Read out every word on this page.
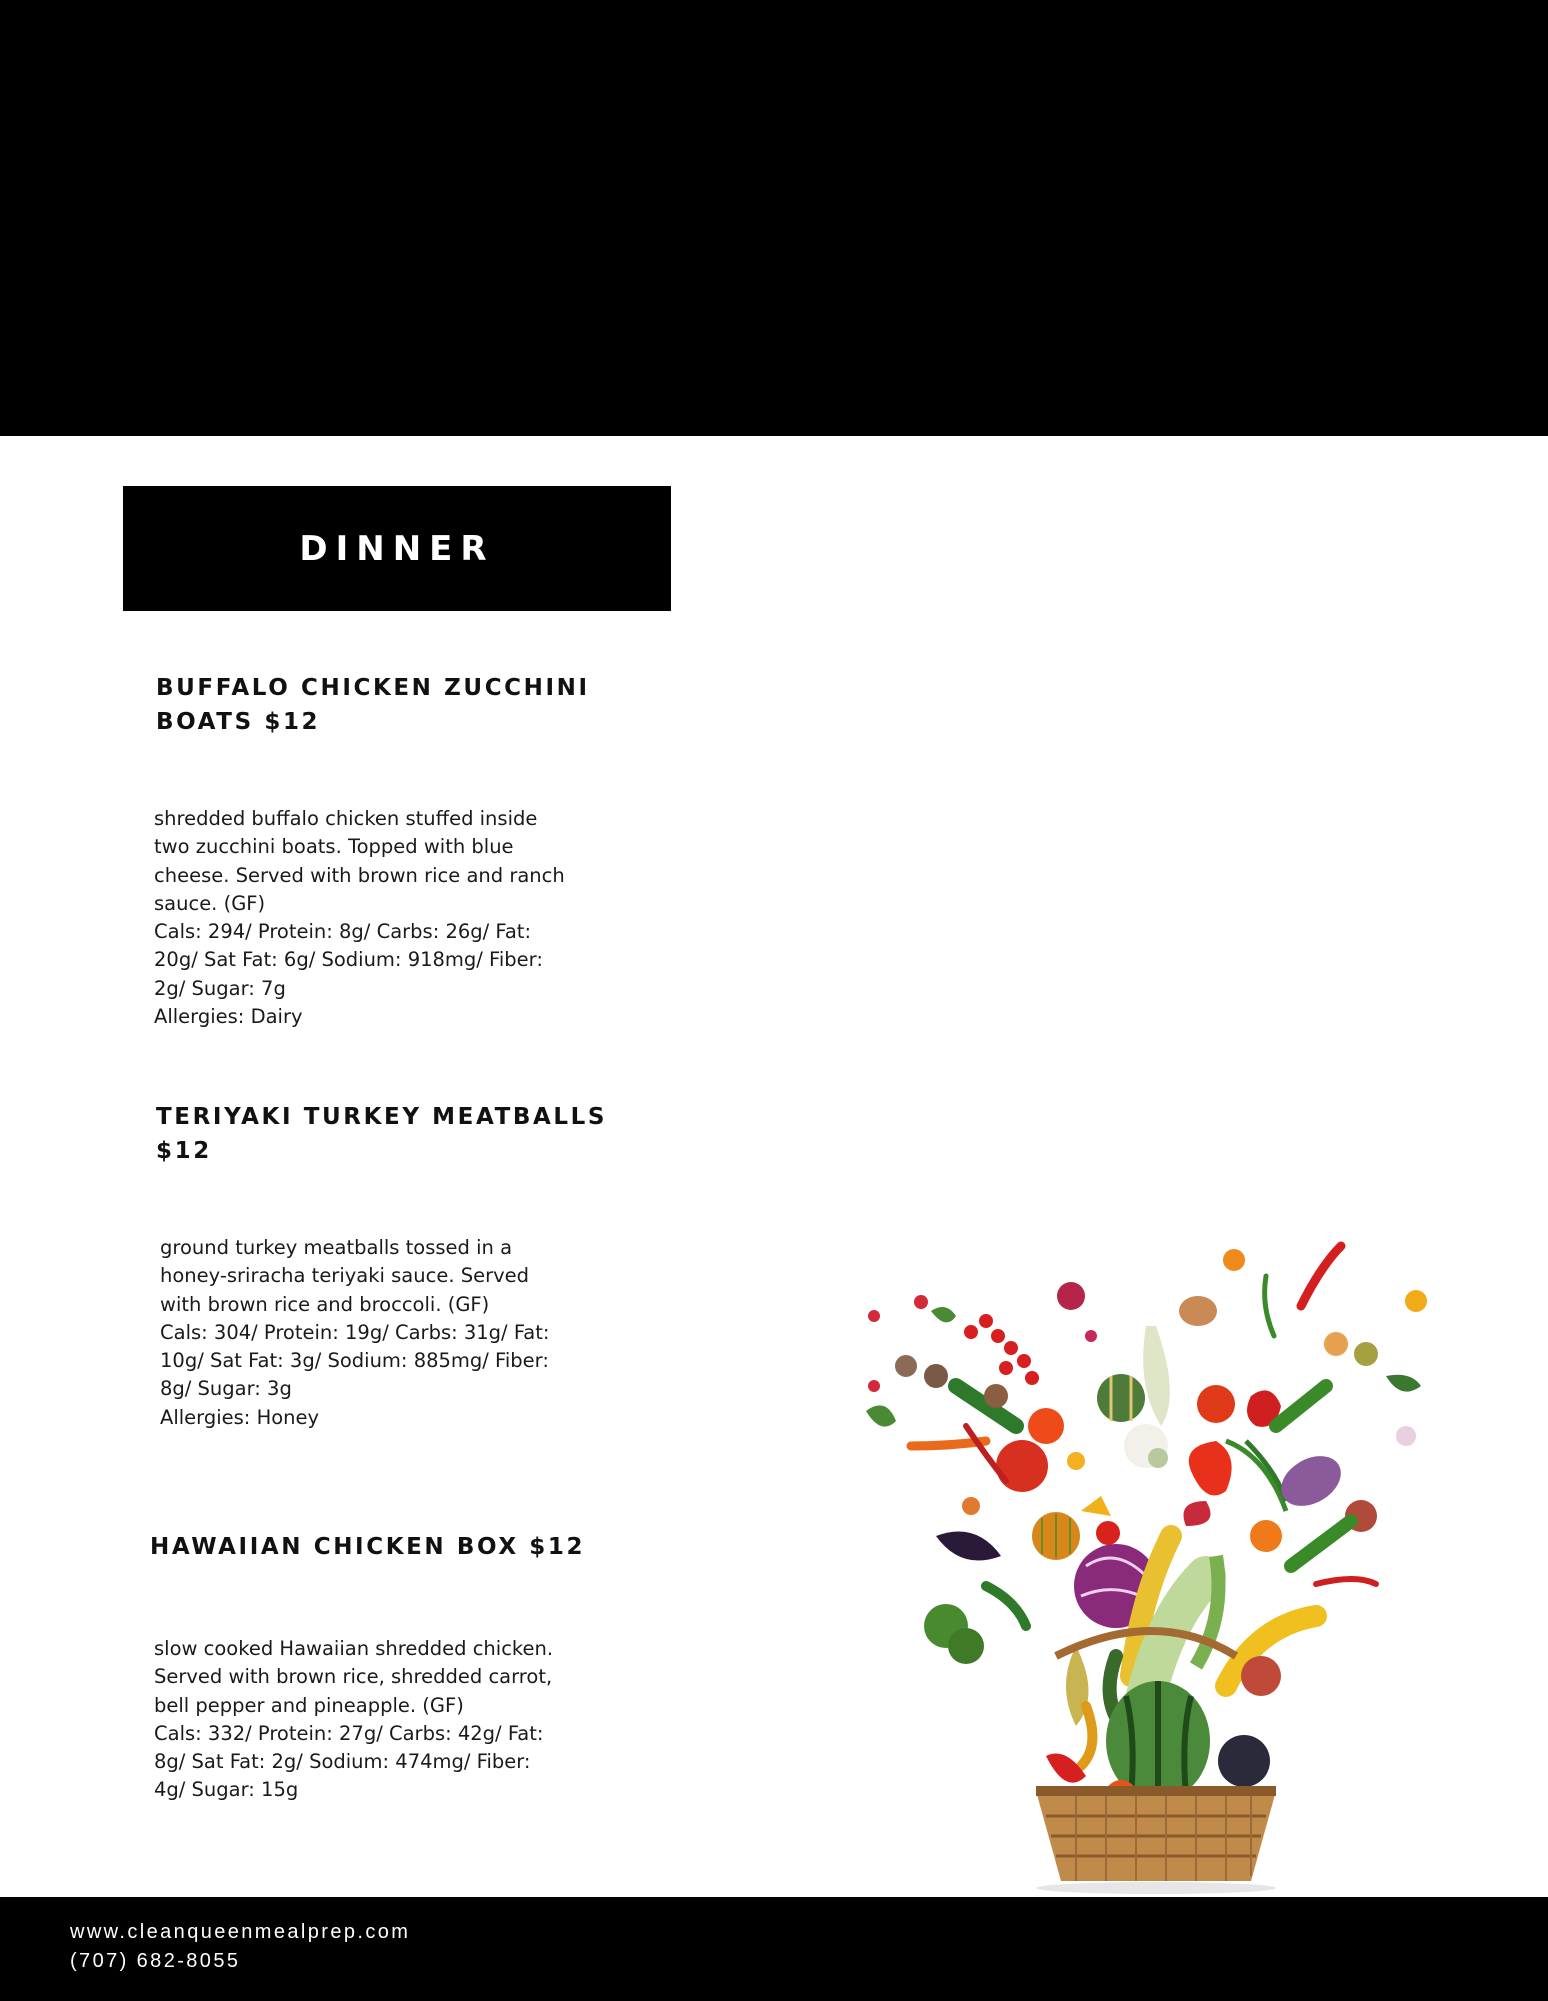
DINNER
BUFFALO CHICKEN ZUCCHINI
BOATS $12
shredded buffalo chicken stuffed inside
two zucchini boats. Topped with blue
cheese. Served with brown rice and ranch
sauce. (GF)
Cals: 294/ Protein: 8g/ Carbs: 26g/ Fat:
20g/ Sat Fat: 6g/ Sodium: 918mg/ Fiber:
2g/ Sugar: 7g
Allergies: Dairy
TERIYAKI TURKEY MEATBALLS
$12
ground turkey meatballs tossed in a
honey-sriracha teriyaki sauce. Served
with brown rice and broccoli. (GF)
Cals: 304/ Protein: 19g/ Carbs: 31g/ Fat:
10g/ Sat Fat: 3g/ Sodium: 885mg/ Fiber:
8g/ Sugar: 3g
Allergies: Honey
HAWAIIAN CHICKEN BOX $12
slow cooked Hawaiian shredded chicken.
Served with brown rice, shredded carrot,
bell pepper and pineapple. (GF)
Cals: 332/ Protein: 27g/ Carbs: 42g/ Fat:
8g/ Sat Fat: 2g/ Sodium: 474mg/ Fiber:
4g/ Sugar: 15g
www.cleanqueenmealprep.com
(707) 682-8055
